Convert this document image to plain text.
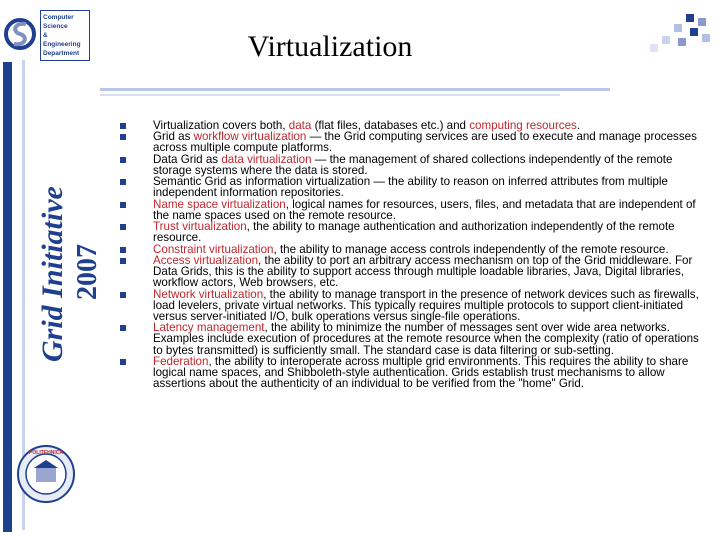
Computer Science
& Engineering
Department
Grid Initiative 2007
POLITEHNICA
Virtualization
Virtualization covers both, data (flat files, databases etc.) and computing resources.
Grid as workflow virtualization — the Grid computing services are used to execute and manage processes across multiple compute platforms.
Data Grid as data virtualization — the management of shared collections independently of the remote storage systems where the data is stored.
Semantic Grid as information virtualization — the ability to reason on inferred attributes from multiple independent information repositories.
Name space virtualization, logical names for resources, users, files, and metadata that are independent of the name spaces used on the remote resource.
Trust virtualization, the ability to manage authentication and authorization independently of the remote resource.
Constraint virtualization, the ability to manage access controls independently of the remote resource.
Access virtualization, the ability to port an arbitrary access mechanism on top of the Grid middleware. For Data Grids, this is the ability to support access through multiple loadable libraries, Java, Digital libraries, workflow actors, Web browsers, etc.
Network virtualization, the ability to manage transport in the presence of network devices such as firewalls, load levelers, private virtual networks. This typically requires multiple protocols to support client-initiated versus server-initiated I/O, bulk operations versus single-file operations.
Latency management, the ability to minimize the number of messages sent over wide area networks. Examples include execution of procedures at the remote resource when the complexity (ratio of operations to bytes transmitted) is sufficiently small. The standard case is data filtering or sub-setting.
Federation, the ability to interoperate across multiple grid environments. This requires the ability to share logical name spaces, and Shibboleth-style authentication. Grids establish trust mechanisms to allow assertions about the authenticity of an individual to be verified from the "home" Grid.
